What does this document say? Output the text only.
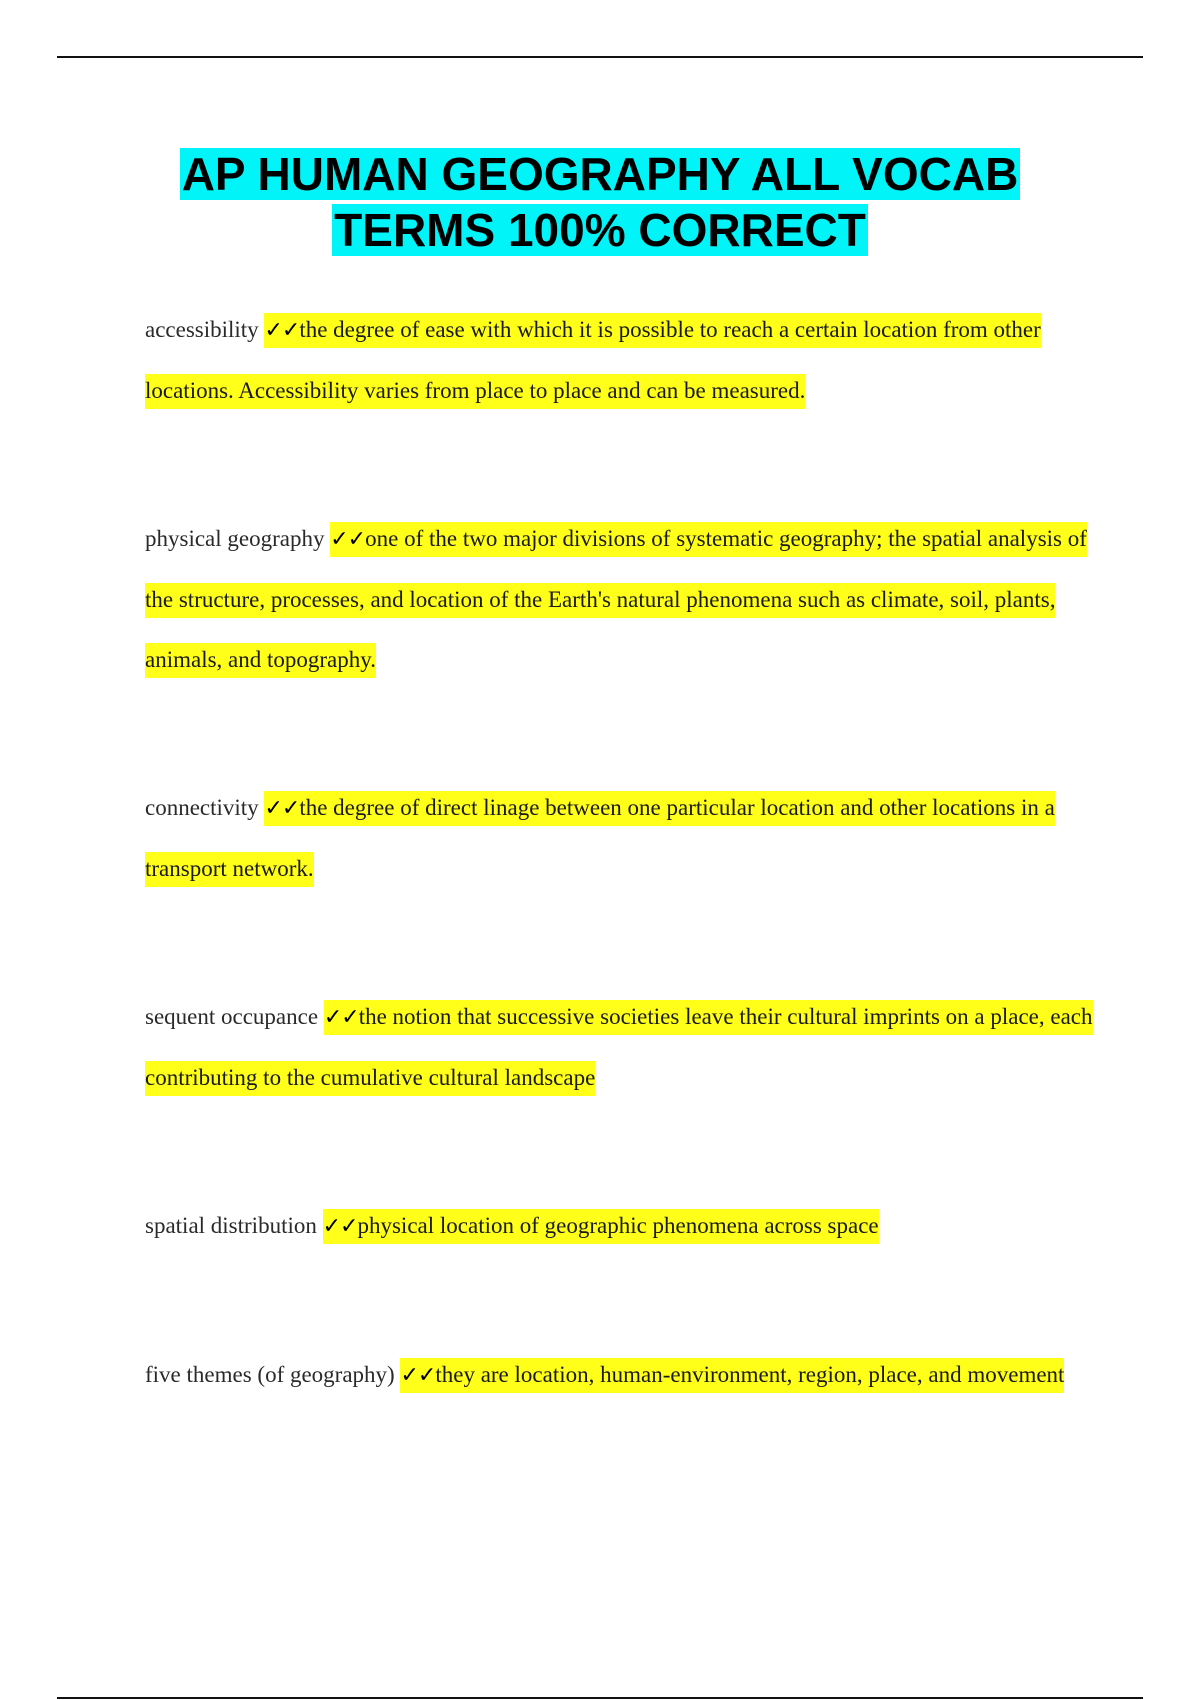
AP HUMAN GEOGRAPHY ALL VOCAB
TERMS 100% CORRECT

accessibility ✓✓the degree of ease with which it is possible to reach a certain location from other locations. Accessibility varies from place to place and can be measured.

physical geography ✓✓one of the two major divisions of systematic geography; the spatial analysis of the structure, processes, and location of the Earth's natural phenomena such as climate, soil, plants, animals, and topography.

connectivity ✓✓the degree of direct linage between one particular location and other locations in a transport network.

sequent occupance ✓✓the notion that successive societies leave their cultural imprints on a place, each contributing to the cumulative cultural landscape

spatial distribution ✓✓physical location of geographic phenomena across space

five themes (of geography) ✓✓they are location, human-environment, region, place, and movement
